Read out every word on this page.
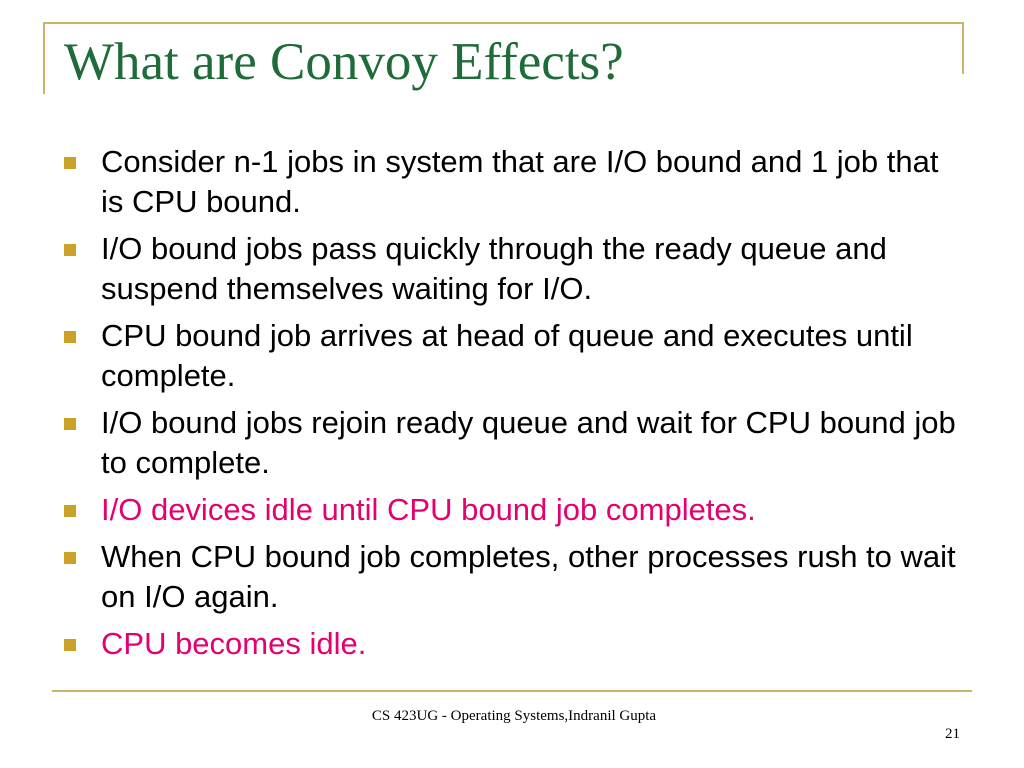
What are Convoy Effects?
Consider n-1 jobs in system that are I/O bound and 1 job that is CPU bound.
I/O bound jobs pass quickly through the ready queue and suspend themselves waiting for I/O.
CPU bound job arrives at head of queue and executes until complete.
I/O bound jobs rejoin ready queue and wait for CPU bound job to complete.
I/O devices idle until CPU bound job completes.
When CPU bound job completes, other processes rush to wait on I/O again.
CPU becomes idle.
CS 423UG - Operating Systems,Indranil Gupta
21
